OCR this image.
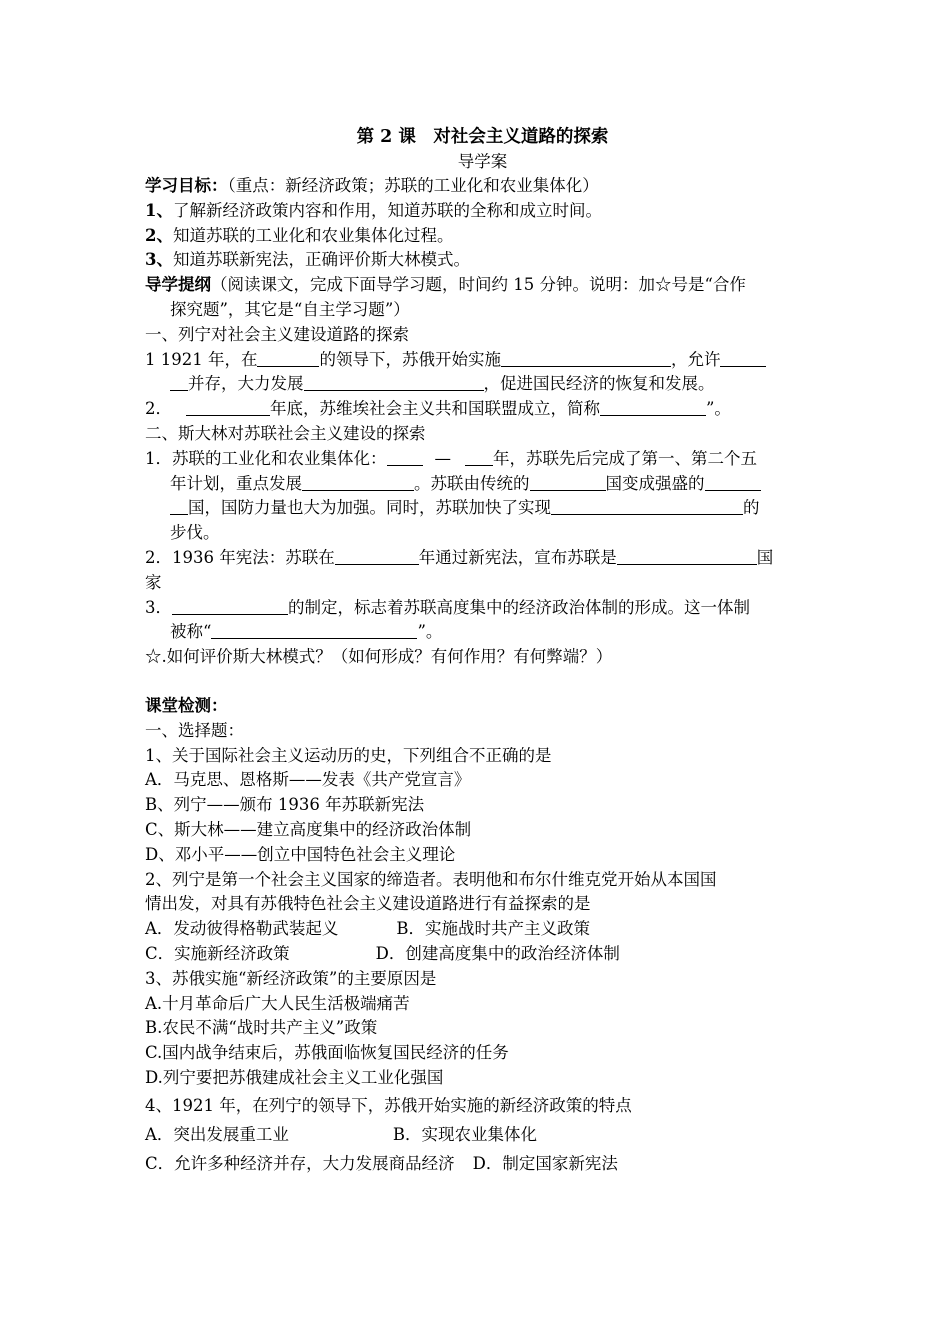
第 2 课　对社会主义道路的探索

导学案

学习目标：（重点：新经济政策；苏联的工业化和农业集体化）

1、了解新经济政策内容和作用，知道苏联的全称和成立时间。

2、知道苏联的工业化和农业集体化过程。

3、知道苏联新宪法，正确评价斯大林模式。

导学提纲（阅读课文，完成下面导学习题，时间约 15 分钟。说明：加☆号是“合作

探究题”，其它是“自主学习题”）

一、列宁对社会主义建设道路的探索

1 1921 年，在	的领导下，苏俄开始实施	，允许

并存，大力发展	，促进国民经济的恢复和发展。

2．	年底，苏维埃社会主义共和国联盟成立，简称	”。

二、斯大林对苏联社会主义建设的探索

1．苏联的工业化和农业集体化：	—	年，苏联先后完成了第一、第二个五

年计划，重点发展	。苏联由传统的	国变成强盛的

国，国防力量也大为加强。同时，苏联加快了实现	的

步伐。

2．1936 年宪法：苏联在	年通过新宪法，宣布苏联是	国

家

3．	的制定，标志着苏联高度集中的经济政治体制的形成。这一体制

被称“	”。

☆.如何评价斯大林模式？（如何形成？有何作用？有何弊端？）

课堂检测：

一、选择题：

1、关于国际社会主义运动历的史，下列组合不正确的是

A．马克思、恩格斯——发表《共产党宣言》

B、列宁——颁布 1936 年苏联新宪法

C、斯大林——建立高度集中的经济政治体制

D、邓小平——创立中国特色社会主义理论

2、列宁是第一个社会主义国家的缔造者。表明他和布尔什维克党开始从本国国

情出发，对具有苏俄特色社会主义建设道路进行有益探索的是

A．发动彼得格勒武装起义	B．实施战时共产主义政策

C．实施新经济政策	D．创建高度集中的政治经济体制

3、苏俄实施“新经济政策”的主要原因是

A.十月革命后广大人民生活极端痛苦

B.农民不满“战时共产主义”政策

C.国内战争结束后，苏俄面临恢复国民经济的任务

D.列宁要把苏俄建成社会主义工业化强国

4、1921 年，在列宁的领导下，苏俄开始实施的新经济政策的特点

A．突出发展重工业	B．实现农业集体化

C．允许多种经济并存，大力发展商品经济 D．制定国家新宪法
